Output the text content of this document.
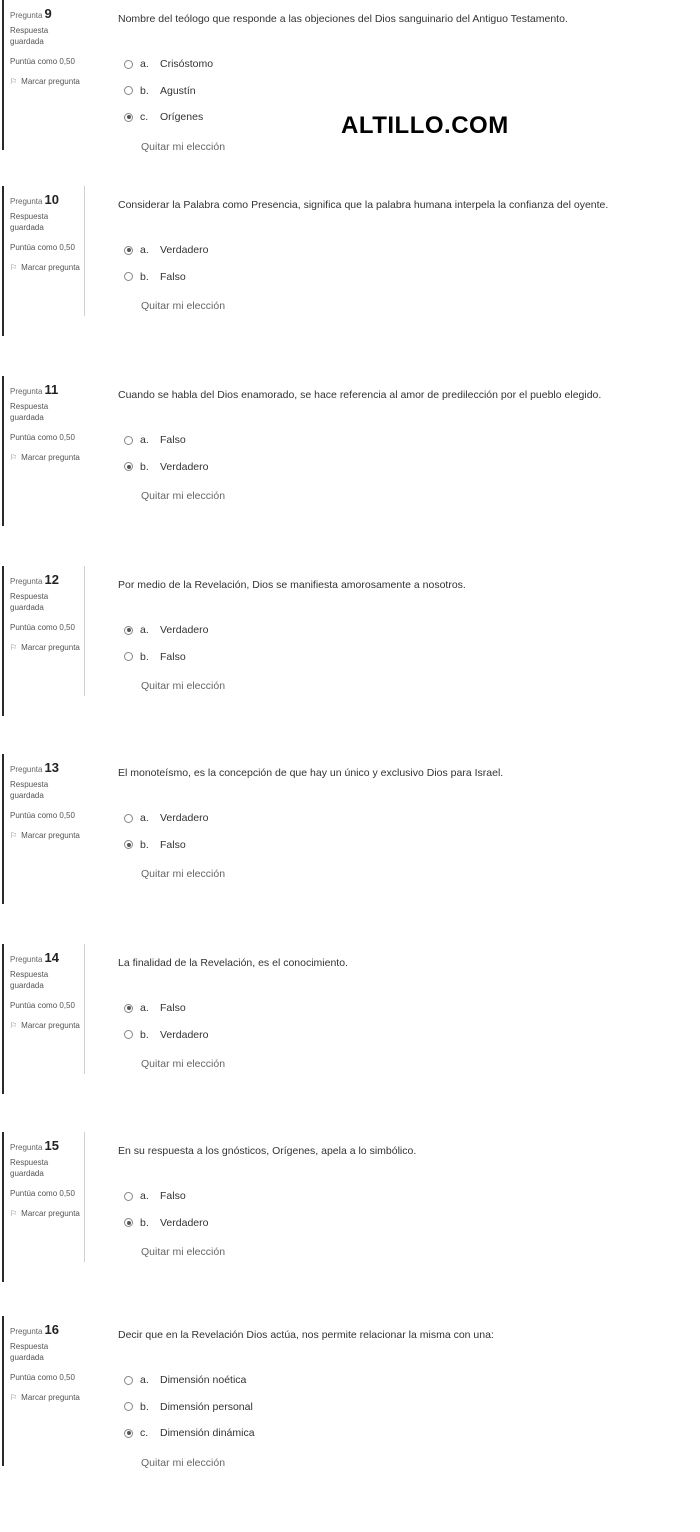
Pregunta 9
Respuesta guardada
Puntúa como 0,50
⚐ Marcar pregunta
Nombre del teólogo que responde a las objeciones del Dios sanguinario del Antiguo Testamento.
a.	Crisóstomo
b.	Agustín
c.	Orígenes
Quitar mi elección
Pregunta 10
Respuesta guardada
Puntúa como 0,50
⚐ Marcar pregunta
Considerar la Palabra como Presencia, significa que la palabra humana interpela la confianza del oyente.
a.	Verdadero
b.	Falso
Quitar mi elección
Pregunta 11
Respuesta guardada
Puntúa como 0,50
⚐ Marcar pregunta
Cuando se habla del Dios enamorado, se hace referencia al amor de predilección por el pueblo elegido.
a.	Falso
b.	Verdadero
Quitar mi elección
Pregunta 12
Respuesta guardada
Puntúa como 0,50
⚐ Marcar pregunta
Por medio de la Revelación, Dios se manifiesta amorosamente a nosotros.
a.	Verdadero
b.	Falso
Quitar mi elección
Pregunta 13
Respuesta guardada
Puntúa como 0,50
⚐ Marcar pregunta
El monoteísmo, es la concepción de que hay un único y exclusivo Dios para Israel.
a.	Verdadero
b.	Falso
Quitar mi elección
Pregunta 14
Respuesta guardada
Puntúa como 0,50
⚐ Marcar pregunta
La finalidad de la Revelación, es el conocimiento.
a.	Falso
b.	Verdadero
Quitar mi elección
Pregunta 15
Respuesta guardada
Puntúa como 0,50
⚐ Marcar pregunta
En su respuesta a los gnósticos, Orígenes, apela a lo simbólico.
a.	Falso
b.	Verdadero
Quitar mi elección
Pregunta 16
Respuesta guardada
Puntúa como 0,50
⚐ Marcar pregunta
Decir que en la Revelación Dios actúa, nos permite relacionar la misma con una:
a.	Dimensión noética
b.	Dimensión personal
c.	Dimensión dinámica
Quitar mi elección
ALTILLO.COM
